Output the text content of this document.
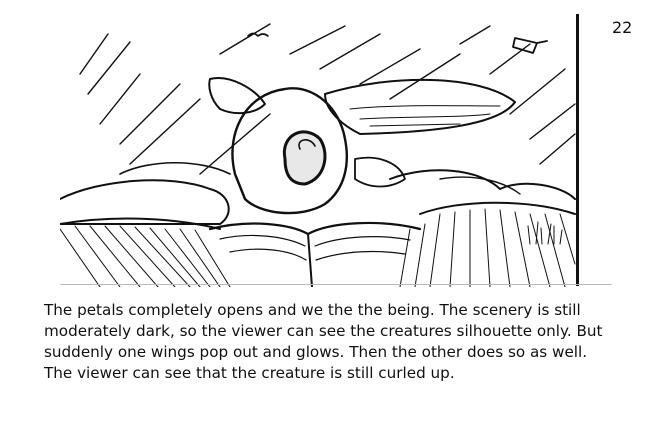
22
The petals completely opens and we the the being. The scenery is still
moderately dark, so the viewer can see the creatures silhouette only. But
suddenly one wings pop out and glows. Then the other does so as well.
The viewer can see that the creature is still curled up.
